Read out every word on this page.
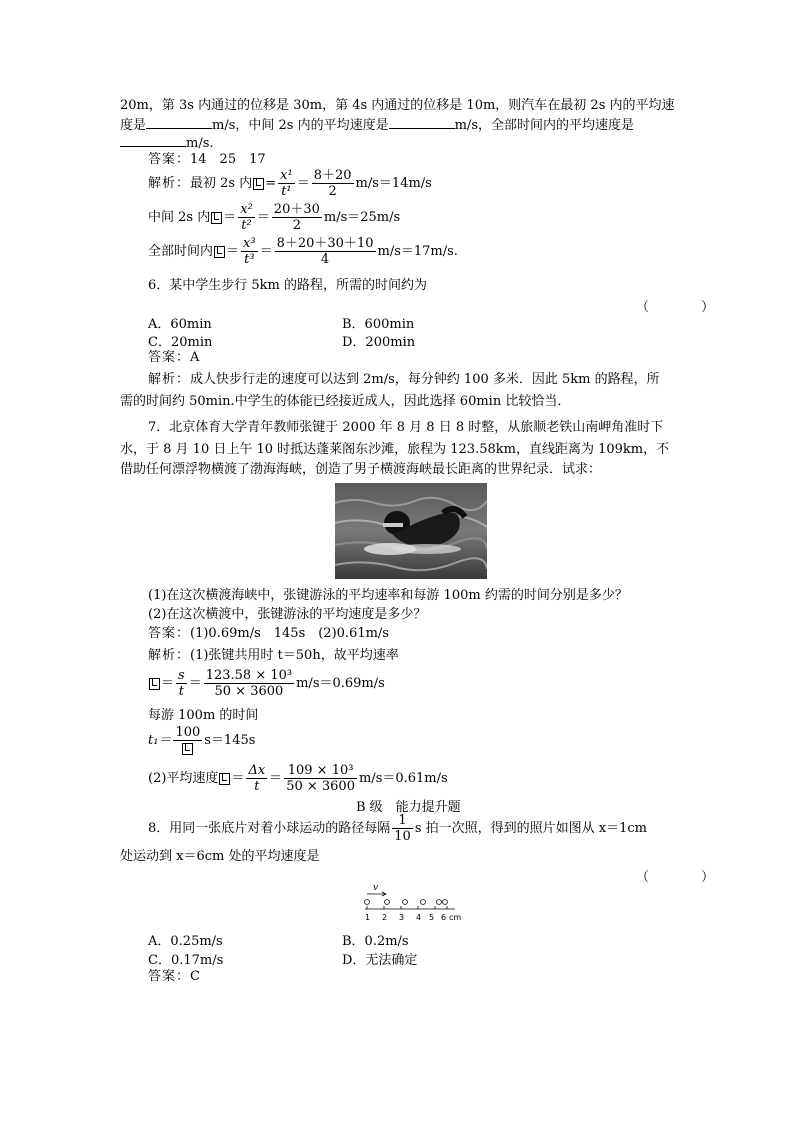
20m，第 3s 内通过的位移是 30m，第 4s 内通过的位移是 10m，则汽车在最初 2s 内的平均速
度是	m/s，中间 2s 内的平均速度是	m/s，全部时间内的平均速度是
m/s.
答案：14　25　17
解析：最初 2s 内 = $\frac{\text{x¹}}{\text{t¹}} = \frac{8+20}{2} m/s=14m/s$
中间 2s 内 ＝ $\frac{\text{x²}}{\text{t²}} = \frac{20+30}{2} m/s=25m/s$
全部时间内 ＝ $\frac{\text{x³}}{\text{t³}} = \frac{8+20+30+10}{4} m/s=17m/s$.
6．某中学生步行 5km 的路程，所需的时间约为
（ ）
A．60min	B．600min
C．20min	D．200min
答案：A
解析：成人快步行走的速度可以达到 2m/s，每分钟约 100 多米．因此 5km 的路程，所
需的时间约 50min.中学生的体能已经接近成人，因此选择 60min 比较恰当．
7．北京体育大学青年教师张键于 2000 年 8 月 8 日 8 时整，从旅顺老铁山南岬角准时下
水，于 8 月 10 日上午 10 时抵达蓬莱阁东沙滩，旅程为 123.58km，直线距离为 109km，不
借助任何漂浮物横渡了渤海海峡，创造了男子横渡海峡最长距离的世界纪录．试求：
(1)在这次横渡海峡中，张键游泳的平均速率和每游 100m 约需的时间分别是多少？
(2)在这次横渡中，张键游泳的平均速度是多少？
答案：(1)0.69m/s　145s　(2)0.61m/s
解析：(1)张键共用时 t＝50h，故平均速率
＝ $\frac{s}{t} = \frac{\text{123.58 × 10³}}{50 \times 3600} m/s=0.69m/s$
每游 100m 的时间
t₁＝
100
s＝145s
(2)平均速度 ＝ $\frac{\Delta x}{t} = \frac{\text{109 × 10³}}{50 \times 3600} m/s=0.61m/s$
B 级　能力提升题
8．用同一张底片对着小球运动的路径每隔 $\frac{1}{10}$ s 拍一次照，得到的照片如图从 x＝1cm
处运动到 x＝6cm 处的平均速度是
（ ）
v
1 2 3 4 5 6 cm
A．0.25m/s	B．0.2m/s
C．0.17m/s	D．无法确定
答案：C
